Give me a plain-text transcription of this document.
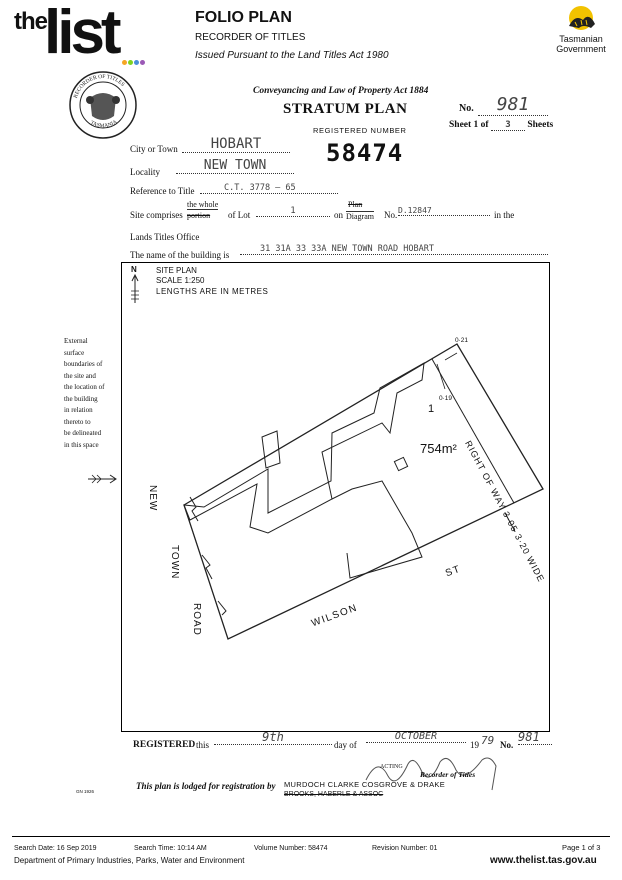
the
list	FOLIO PLAN
RECORDER OF TITLES
Issued Pursuant to the Land Titles Act 1980
Tasmanian
Government
RECORDER OF TITLES
TASMANIA
Conveyancing and Law of Property Act 1884
STRATUM PLAN	No.	981
REGISTERED NUMBER
58474
Sheet 1 of 3 Sheets
City or Town	HOBART
Locality	NEW TOWN
Reference to Title	C.T. 3778 — 65
Site comprises
the whole
portion of Lot	1	on
Plan
Diagram No. D.12847	in the
Lands Titles Office
The name of the building is
31 31A 33 33A NEW TOWN ROAD HOBART
External
surface
boundaries of
the site and
the location of
the building
in relation
thereto to
be delineated
in this space
N SITE PLAN
SCALE 1:250
LENGTHS ARE IN METRES
1
754m²
0·21
0·19
RIGHT OF WAY 3·05 3·20 WIDE
NEW
TOWN
ROAD	WILSON
ST
REGISTERED this
9th
day of
OCTOBER
19 79 No.
981
ACTING
Recorder of Titles
This plan is lodged for registration by MURDOCH CLARKE COSGROVE & DRAKE
BROOKS, HABERLE & ASSOC
GN 1926
Search Date: 16 Sep 2019	Search Time: 10:14 AM	Volume Number: 58474	Revision Number: 01	Page 1 of 3
Department of Primary Industries, Parks, Water and Environment	www.thelist.tas.gov.au
